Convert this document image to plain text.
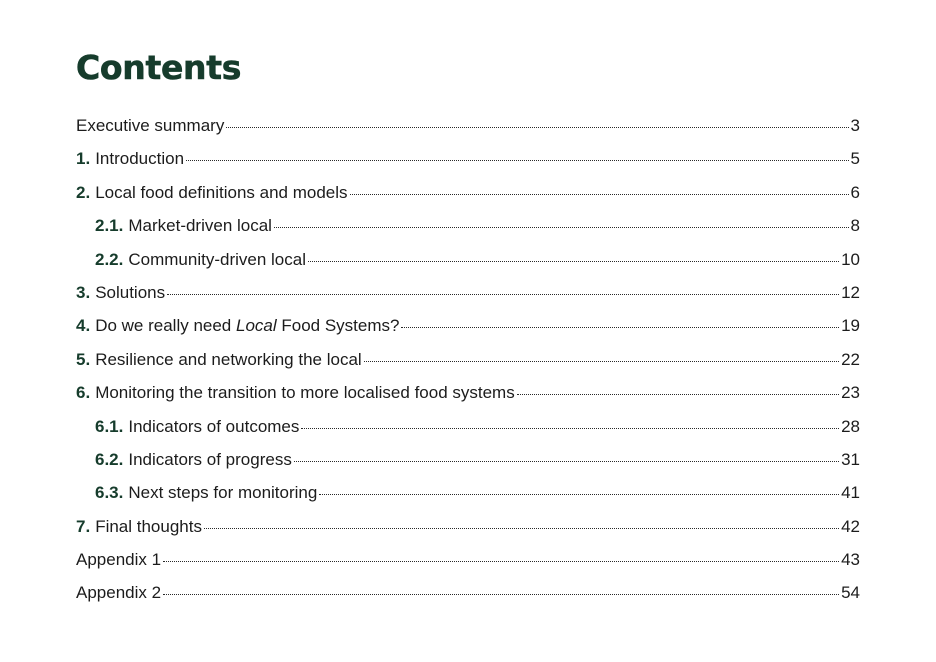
Contents
Executive summary	3
1. Introduction	5
2. Local food definitions and models	6
2.1. Market-driven local	8
2.2. Community-driven local	10
3. Solutions	12
4. Do we really need Local Food Systems?	19
5. Resilience and networking the local	22
6. Monitoring the transition to more localised food systems	23
6.1. Indicators of outcomes	28
6.2. Indicators of progress	31
6.3. Next steps for monitoring	41
7. Final thoughts	42
Appendix 1	43
Appendix 2	54
